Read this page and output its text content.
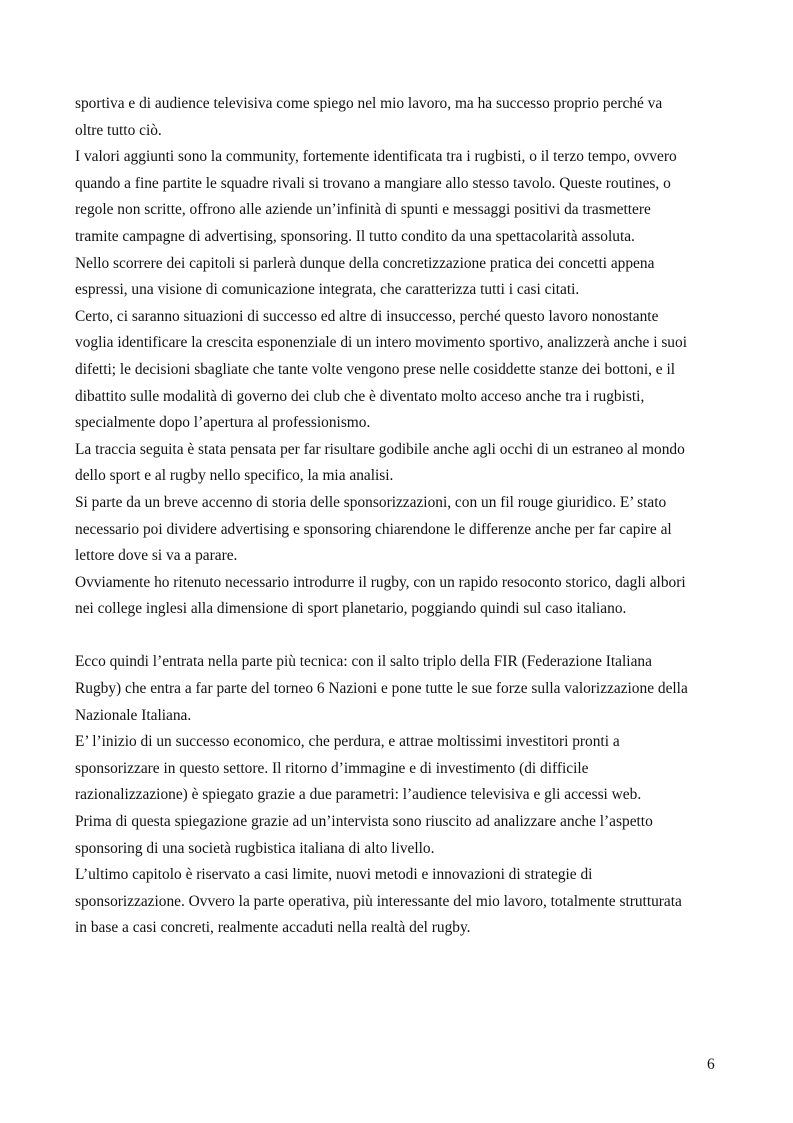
sportiva e di audience televisiva come spiego nel mio lavoro, ma ha successo proprio perché va
oltre tutto ciò.
I valori aggiunti sono la community, fortemente identificata tra i rugbisti, o il terzo tempo, ovvero
quando a fine partite le squadre rivali si trovano a mangiare allo stesso tavolo. Queste routines, o
regole non scritte, offrono alle aziende un’infinità di spunti e messaggi positivi da trasmettere
tramite campagne di advertising, sponsoring. Il tutto condito da una spettacolarità assoluta.
Nello scorrere dei capitoli si parlerà dunque della concretizzazione pratica dei concetti appena
espressi, una visione di comunicazione integrata, che caratterizza tutti i casi citati.
Certo, ci saranno situazioni di successo ed altre di insuccesso, perché questo lavoro nonostante
voglia identificare la crescita esponenziale di un intero movimento sportivo, analizzerà anche i suoi
difetti; le decisioni sbagliate che tante volte vengono prese nelle cosiddette stanze dei bottoni, e il
dibattito sulle modalità di governo dei club che è diventato molto acceso anche tra i rugbisti,
specialmente dopo l’apertura al professionismo.
La traccia seguita è stata pensata per far risultare godibile anche agli occhi di un estraneo al mondo
dello sport e al rugby nello specifico, la mia analisi.
Si parte da un breve accenno di storia delle sponsorizzazioni, con un fil rouge giuridico. E’ stato
necessario poi dividere advertising e sponsoring chiarendone le differenze anche per far capire al
lettore dove si va a parare.
Ovviamente ho ritenuto necessario introdurre il rugby, con un rapido resoconto storico, dagli albori
nei college inglesi alla dimensione di sport planetario, poggiando quindi sul caso italiano.
Ecco quindi l’entrata nella parte più tecnica: con il salto triplo della FIR (Federazione Italiana
Rugby) che entra a far parte del torneo 6 Nazioni e pone tutte le sue forze sulla valorizzazione della
Nazionale Italiana.
E’ l’inizio di un successo economico, che perdura, e attrae moltissimi investitori pronti a
sponsorizzare in questo settore. Il ritorno d’immagine e di investimento (di difficile
razionalizzazione) è spiegato grazie a due parametri: l’audience televisiva e gli accessi web.
Prima di questa spiegazione grazie ad un’intervista sono riuscito ad analizzare anche l’aspetto
sponsoring di una società rugbistica italiana di alto livello.
L’ultimo capitolo è riservato a casi limite, nuovi metodi e innovazioni di strategie di
sponsorizzazione. Ovvero la parte operativa, più interessante del mio lavoro, totalmente strutturata
in base a casi concreti, realmente accaduti nella realtà del rugby.
6
